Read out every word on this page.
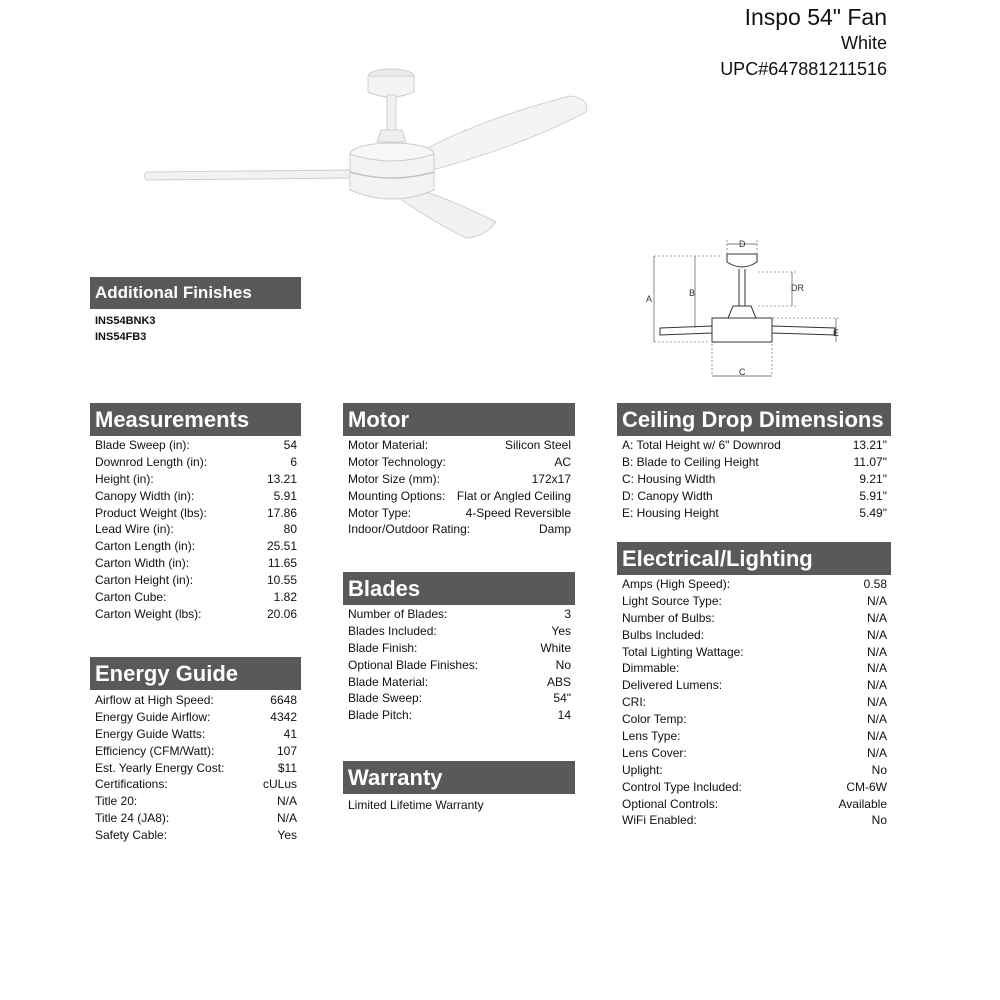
Inspo 54" Fan
White
UPC#647881211516
D
A
B	DR
E
C
Additional Finishes
INS54BNK3
INS54FB3
Measurements
Blade Sweep (in):	54
Downrod Length (in):	6
Height (in):	13.21
Canopy Width (in):	5.91
Product Weight (lbs):	17.86
Lead Wire (in):	80
Carton Length (in):	25.51
Carton Width (in):	11.65
Carton Height (in):	10.55
Carton Cube:	1.82
Carton Weight (lbs):	20.06
Energy Guide
Airflow at High Speed:	6648
Energy Guide Airflow:	4342
Energy Guide Watts:	41
Efficiency (CFM/Watt):	107
Est. Yearly Energy Cost:	$11
Certifications:	cULus
Title 20:	N/A
Title 24 (JA8):	N/A
Safety Cable:	Yes
Motor
Motor Material:	Silicon Steel
Motor Technology:	AC
Motor Size (mm):	172x17
Mounting Options: Flat or Angled Ceiling
Motor Type:	4-Speed Reversible
Indoor/Outdoor Rating:	Damp
Blades
Number of Blades:	3
Blades Included:	Yes
Blade Finish:	White
Optional Blade Finishes:	No
Blade Material:	ABS
Blade Sweep:	54"
Blade Pitch:	14
Warranty
Limited Lifetime Warranty
Ceiling Drop Dimensions
A: Total Height w/ 6" Downrod	13.21"
B: Blade to Ceiling Height	11.07"
C: Housing Width	9.21"
D: Canopy Width	5.91"
E: Housing Height	5.49"
Electrical/Lighting
Amps (High Speed):	0.58
Light Source Type:	N/A
Number of Bulbs:	N/A
Bulbs Included:	N/A
Total Lighting Wattage:	N/A
Dimmable:	N/A
Delivered Lumens:	N/A
CRI:	N/A
Color Temp:	N/A
Lens Type:	N/A
Lens Cover:	N/A
Uplight:	No
Control Type Included:	CM-6W
Optional Controls:	Available
WiFi Enabled:	No
